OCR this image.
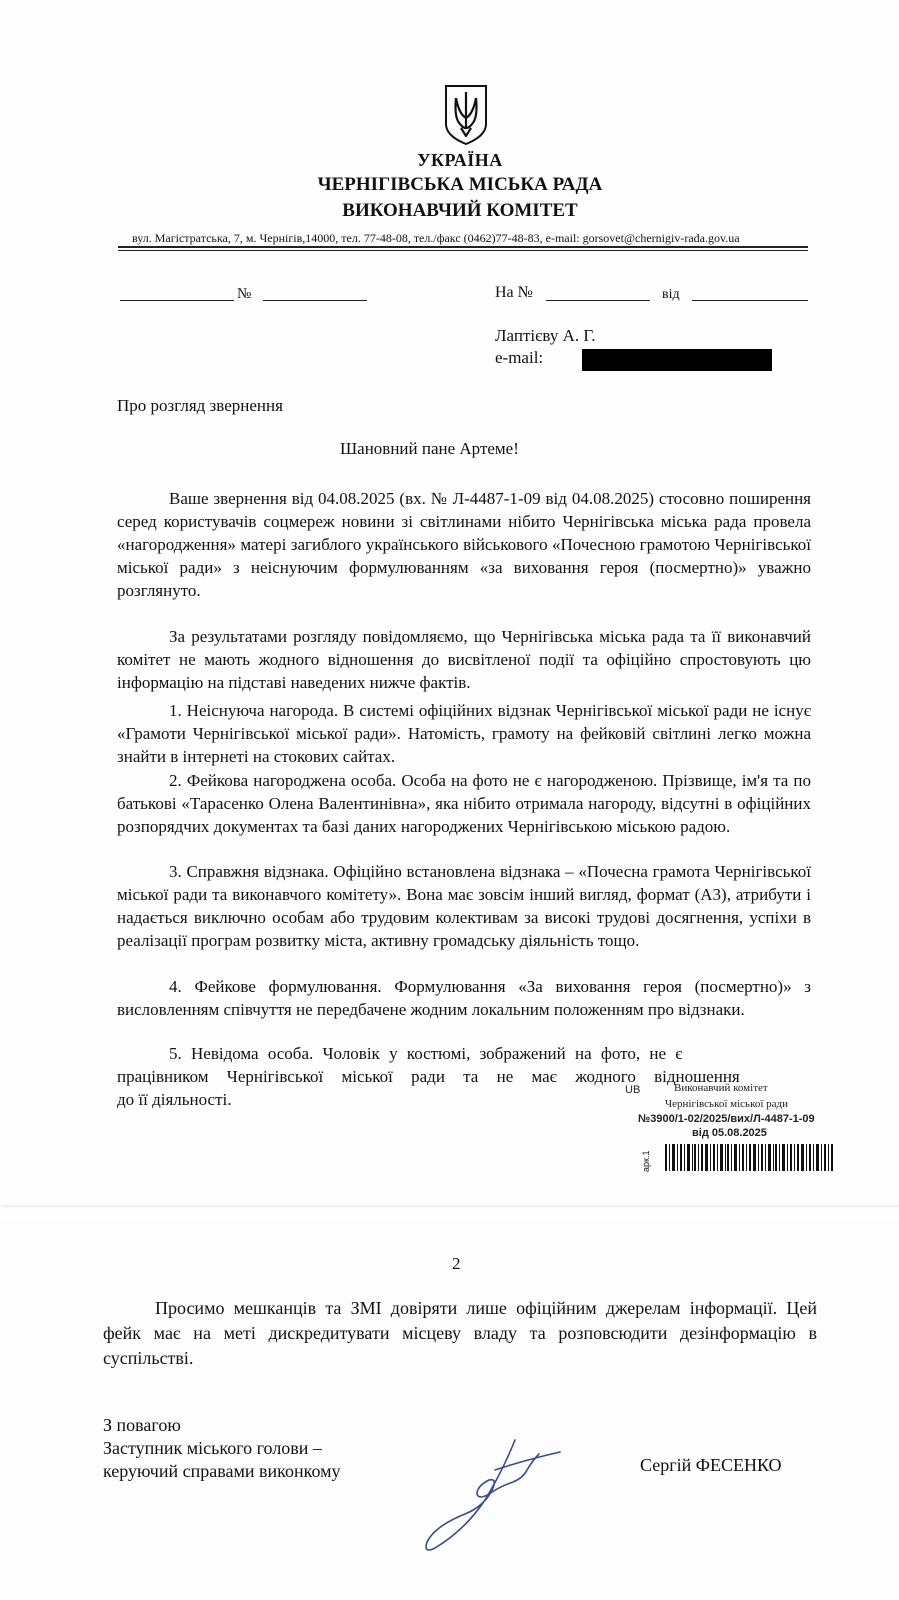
УКРАЇНА
ЧЕРНІГІВСЬКА МІСЬКА РАДА
ВИКОНАВЧИЙ КОМІТЕТ
вул. Магістратська, 7, м. Чернігів,14000, тел. 77-48-08, тел./факс (0462)77-48-83, e-mail: gorsovet@chernigiv-rada.gov.ua
№	На №	від
Лаптієву А. Г.
e-mail:
Про розгляд звернення
Шановний пане Артеме!
Ваше звернення від 04.08.2025 (вх. № Л-4487-1-09 від 04.08.2025) стосовно поширення серед користувачів соцмереж новини зі світлинами нібито Чернігівська міська рада провела «нагородження» матері загиблого українського військового «Почесною грамотою Чернігівської міської ради» з неіснуючим формулюванням «за виховання героя (посмертно)» уважно розглянуто.
За результатами розгляду повідомляємо, що Чернігівська міська рада та її виконавчий комітет не мають жодного відношення до висвітленої події та офіційно спростовують цю інформацію на підставі наведених нижче фактів.
1. Неіснуюча нагорода. В системі офіційних відзнак Чернігівської міської ради не існує «Грамоти Чернігівської міської ради». Натомість, грамоту на фейковій світлині легко можна знайти в інтернеті на стокових сайтах.
2. Фейкова нагороджена особа. Особа на фото не є нагородженою. Прізвище, ім'я та по батькові «Тарасенко Олена Валентинівна», яка нібито отримала нагороду, відсутні в офіційних розпорядчих документах та базі даних нагороджених Чернігівською міською радою.
3. Справжня відзнака. Офіційно встановлена відзнака – «Почесна грамота Чернігівської міської ради та виконавчого комітету». Вона має зовсім інший вигляд, формат (А3), атрибути і надається виключно особам або трудовим колективам за високі трудові досягнення, успіхи в реалізації програм розвитку міста, активну громадську діяльність тощо.
4. Фейкове формулювання. Формулювання «За виховання героя (посмертно)» з висловленням співчуття не передбачене жодним локальним положенням про відзнаки.
5. Невідома особа. Чоловік у костюмі, зображений на фото, не є
працівником Чернігівської міської ради та не має жодного відношення
до її діяльності.	UB	Виконавчий комітет
Чернігівської міської ради
№3900/1-02/2025/вих/Л-4487-1-09
від 05.08.2025
арк.1
2
Просимо мешканців та ЗМІ довіряти лише офіційним джерелам інформації. Цей фейк має на меті дискредитувати місцеву владу та розповсюдити дезінформацію в суспільстві.
З повагою
Заступник міського голови –
керуючий справами виконкому	Сергій ФЕСЕНКО
